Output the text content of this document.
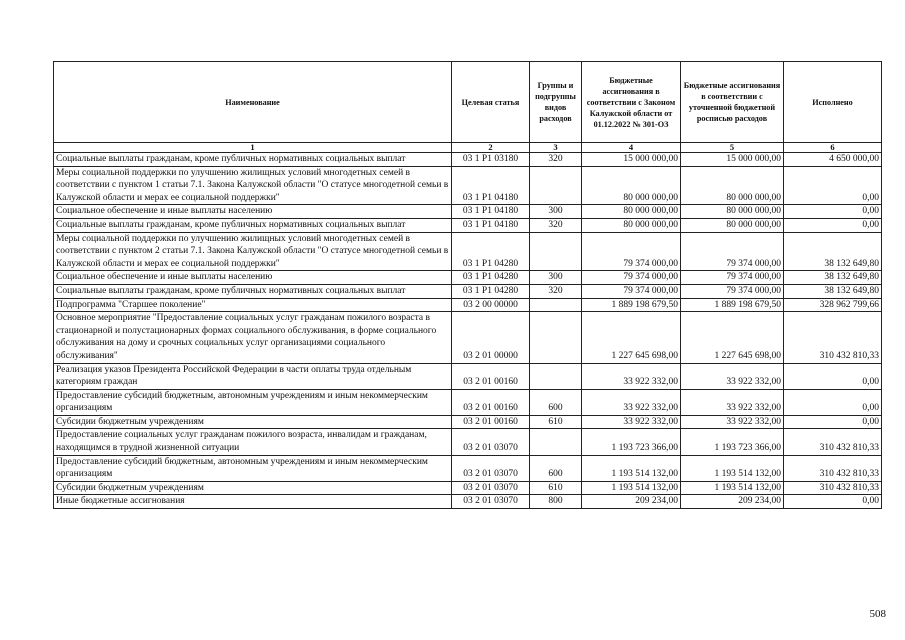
Наименование	Целевая статья	Группы и подгруппы видов расходов	Бюджетные ассигнования в соответствии с Законом Калужской области от 01.12.2022 № 301-ОЗ	Бюджетные ассигнования в соответствии с уточненной бюджетной росписью расходов	Исполнено
1	2	3	4	5	6
Социальные выплаты гражданам, кроме публичных нормативных социальных выплат	03 1 Р1 03180	320	15 000 000,00	15 000 000,00	4 650 000,00
Меры социальной поддержки по улучшению жилищных условий многодетных семей в соответствии с пунктом 1 статьи 7.1. Закона Калужской области "О статусе многодетной семьи в Калужской области и мерах ее социальной поддержки"	03 1 Р1 04180		80 000 000,00	80 000 000,00	0,00
Социальное обеспечение и иные выплаты населению	03 1 Р1 04180	300	80 000 000,00	80 000 000,00	0,00
Социальные выплаты гражданам, кроме публичных нормативных социальных выплат	03 1 Р1 04180	320	80 000 000,00	80 000 000,00	0,00
Меры социальной поддержки по улучшению жилищных условий многодетных семей в соответствии с пунктом 2 статьи 7.1. Закона Калужской области "О статусе многодетной семьи в Калужской области и мерах ее социальной поддержки"	03 1 Р1 04280		79 374 000,00	79 374 000,00	38 132 649,80
Социальное обеспечение и иные выплаты населению	03 1 Р1 04280	300	79 374 000,00	79 374 000,00	38 132 649,80
Социальные выплаты гражданам, кроме публичных нормативных социальных выплат	03 1 Р1 04280	320	79 374 000,00	79 374 000,00	38 132 649,80
Подпрограмма "Старшее поколение"	03 2 00 00000		1 889 198 679,50	1 889 198 679,50	328 962 799,66
Основное мероприятие "Предоставление социальных услуг гражданам пожилого возраста в стационарной и полустационарных формах социального обслуживания, в форме социального обслуживания на дому и срочных социальных услуг организациями социального обслуживания"	03 2 01 00000		1 227 645 698,00	1 227 645 698,00	310 432 810,33
Реализация указов Президента Российской Федерации в части оплаты труда отдельным категориям граждан	03 2 01 00160		33 922 332,00	33 922 332,00	0,00
Предоставление субсидий бюджетным, автономным учреждениям и иным некоммерческим организациям	03 2 01 00160	600	33 922 332,00	33 922 332,00	0,00
Субсидии бюджетным учреждениям	03 2 01 00160	610	33 922 332,00	33 922 332,00	0,00
Предоставление социальных услуг гражданам пожилого возраста, инвалидам и гражданам, находящимся в трудной жизненной ситуации	03 2 01 03070		1 193 723 366,00	1 193 723 366,00	310 432 810,33
Предоставление субсидий бюджетным, автономным учреждениям и иным некоммерческим организациям	03 2 01 03070	600	1 193 514 132,00	1 193 514 132,00	310 432 810,33
Субсидии бюджетным учреждениям	03 2 01 03070	610	1 193 514 132,00	1 193 514 132,00	310 432 810,33
Иные бюджетные ассигнования	03 2 01 03070	800	209 234,00	209 234,00	0,00
508
